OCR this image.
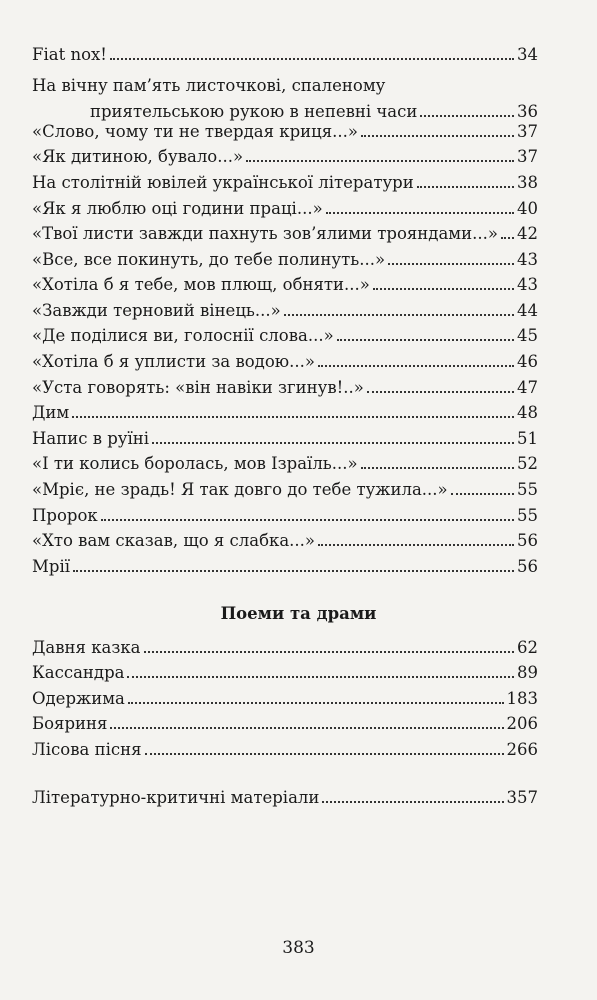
Fiat nox!	34
На вічну пам’ять листочкові, спаленому
приятельською рукою в непевні часи	36
«Слово, чому ти не твердая криця...»	37
«Як дитиною, бувало...»	37
На столітній ювілей української літератури	38
«Як я люблю оці години праці...»	40
«Твої листи завжди пахнуть зов’ялими трояндами...» 42
«Все, все покинуть, до тебе полинуть...»	43
«Хотіла б я тебе, мов плющ, обняти...»	43
«Завжди терновий вінець...»	44
«Де поділися ви, голоснії слова...»	45
«Хотіла б я уплисти за водою...»	46
«Уста говорять: «він навіки згинув!..»	47
Дим	48
Напис в руїні	51
«І ти колись боролась, мов Ізраїль...»	52
«Мріє, не зрадь! Я так довго до тебе тужила...»	55
Пророк	55
«Хто вам сказав, що я слабка...»	56
Мрії	56
Поеми та драми
Давня казка	62
Кассандра	89
Одержима	183
Бояриня	206
Лісова пісня	266
Літературно-критичні матеріали	357
383
